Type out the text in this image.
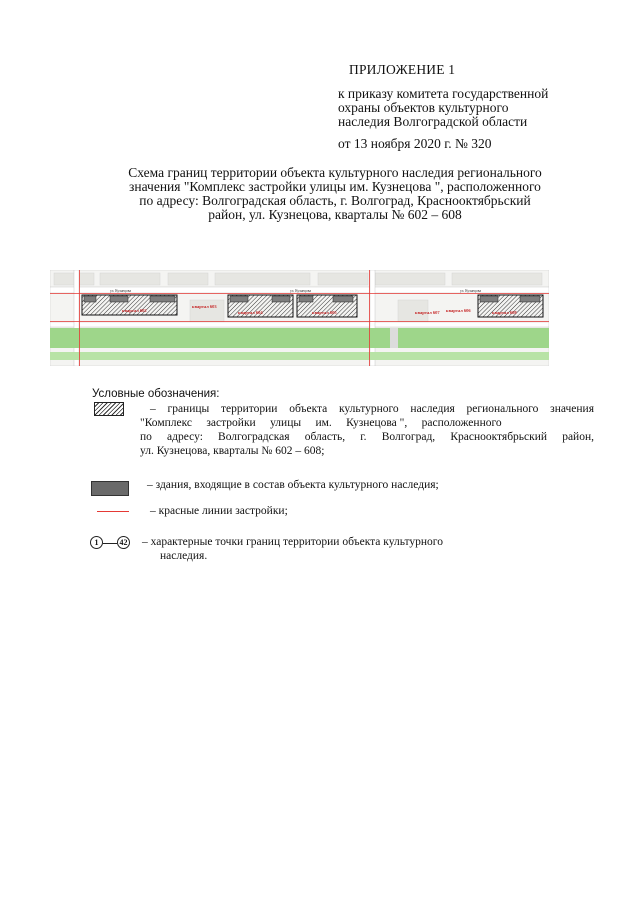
ПРИЛОЖЕНИЕ 1
к приказу комитета государственной
охраны объектов культурного
наследия Волгоградской области
от 13 ноября 2020 г. № 320
Схема границ территории объекта культурного наследия регионального
значения "Комплекс застройки улицы им. Кузнецова ", расположенного
по адресу: Волгоградская область, г. Волгоград, Краснооктябрьский
район, ул. Кузнецова, кварталы № 602 – 608
квартал 602
квартал 603
квартал 604	квартал 605	квартал 606
квартал 607	квартал 608
ул. Кузнецова	ул. Кузнецова	ул. Кузнецова
Условные обозначения:
– границы территории объекта культурного наследия регионального значения
"Комплекс     застройки     улицы     им.     Кузнецова ",     расположенного
по адресу: Волгоградская область, г. Волгоград, Краснооктябрьский район,
ул. Кузнецова, кварталы № 602 – 608;
– здания, входящие в состав объекта культурного наследия;
– красные линии застройки;
1	42 – характерные точки границ территории объекта культурного
наследия.
